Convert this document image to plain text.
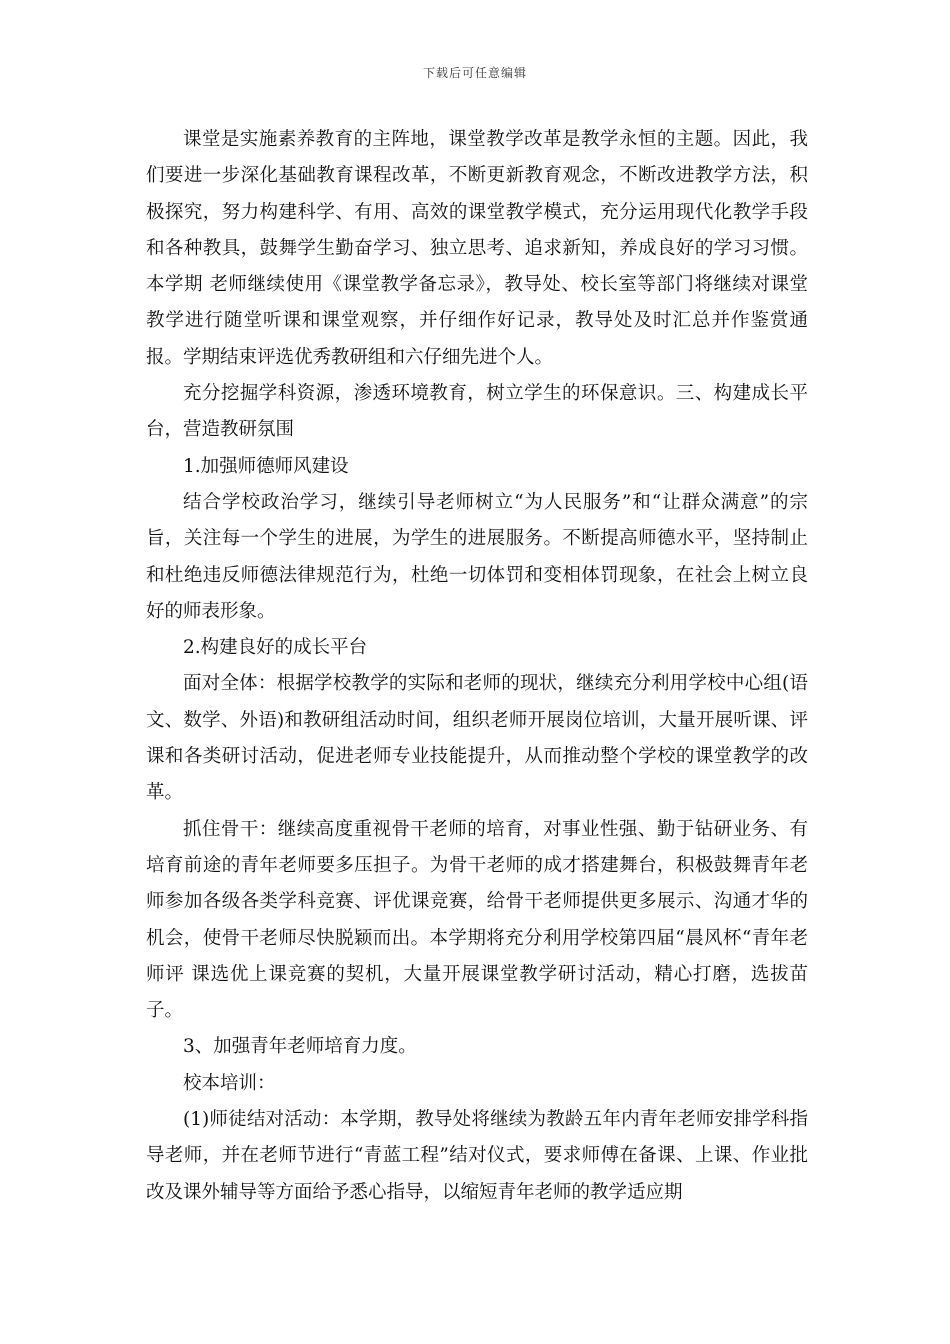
下载后可任意编辑

课堂是实施素养教育的主阵地，课堂教学改革是教学永恒的主题。因此，我们要进一步深化基础教育课程改革，不断更新教育观念，不断改进教学方法，积极探究，努力构建科学、有用、高效的课堂教学模式，充分运用现代化教学手段和各种教具，鼓舞学生勤奋学习、独立思考、追求新知，养成良好的学习习惯。本学期 老师继续使用《课堂教学备忘录》，教导处、校长室等部门将继续对课堂教学进行随堂听课和课堂观察，并仔细作好记录，教导处及时汇总并作鉴赏通报。学期结束评选优秀教研组和六仔细先进个人。

充分挖掘学科资源，渗透环境教育，树立学生的环保意识。三、构建成长平台，营造教研氛围

1.加强师德师风建设

结合学校政治学习，继续引导老师树立“为人民服务”和“让群众满意”的宗旨，关注每一个学生的进展，为学生的进展服务。不断提高师德水平，坚持制止和杜绝违反师德法律规范行为，杜绝一切体罚和变相体罚现象，在社会上树立良好的师表形象。

2.构建良好的成长平台

面对全体：根据学校教学的实际和老师的现状，继续充分利用学校中心组(语文、数学、外语)和教研组活动时间，组织老师开展岗位培训，大量开展听课、评课和各类研讨活动，促进老师专业技能提升，从而推动整个学校的课堂教学的改革。

抓住骨干：继续高度重视骨干老师的培育，对事业性强、勤于钻研业务、有培育前途的青年老师要多压担子。为骨干老师的成才搭建舞台，积极鼓舞青年老师参加各级各类学科竞赛、评优课竞赛，给骨干老师提供更多展示、沟通才华的机会，使骨干老师尽快脱颖而出。本学期将充分利用学校第四届“晨风杯“青年老师评 课选优上课竞赛的契机，大量开展课堂教学研讨活动，精心打磨，选拔苗子。

3、加强青年老师培育力度。

校本培训：

(1)师徒结对活动：本学期，教导处将继续为教龄五年内青年老师安排学科指导老师，并在老师节进行“青蓝工程”结对仪式，要求师傅在备课、上课、作业批改及课外辅导等方面给予悉心指导，以缩短青年老师的教学适应期
